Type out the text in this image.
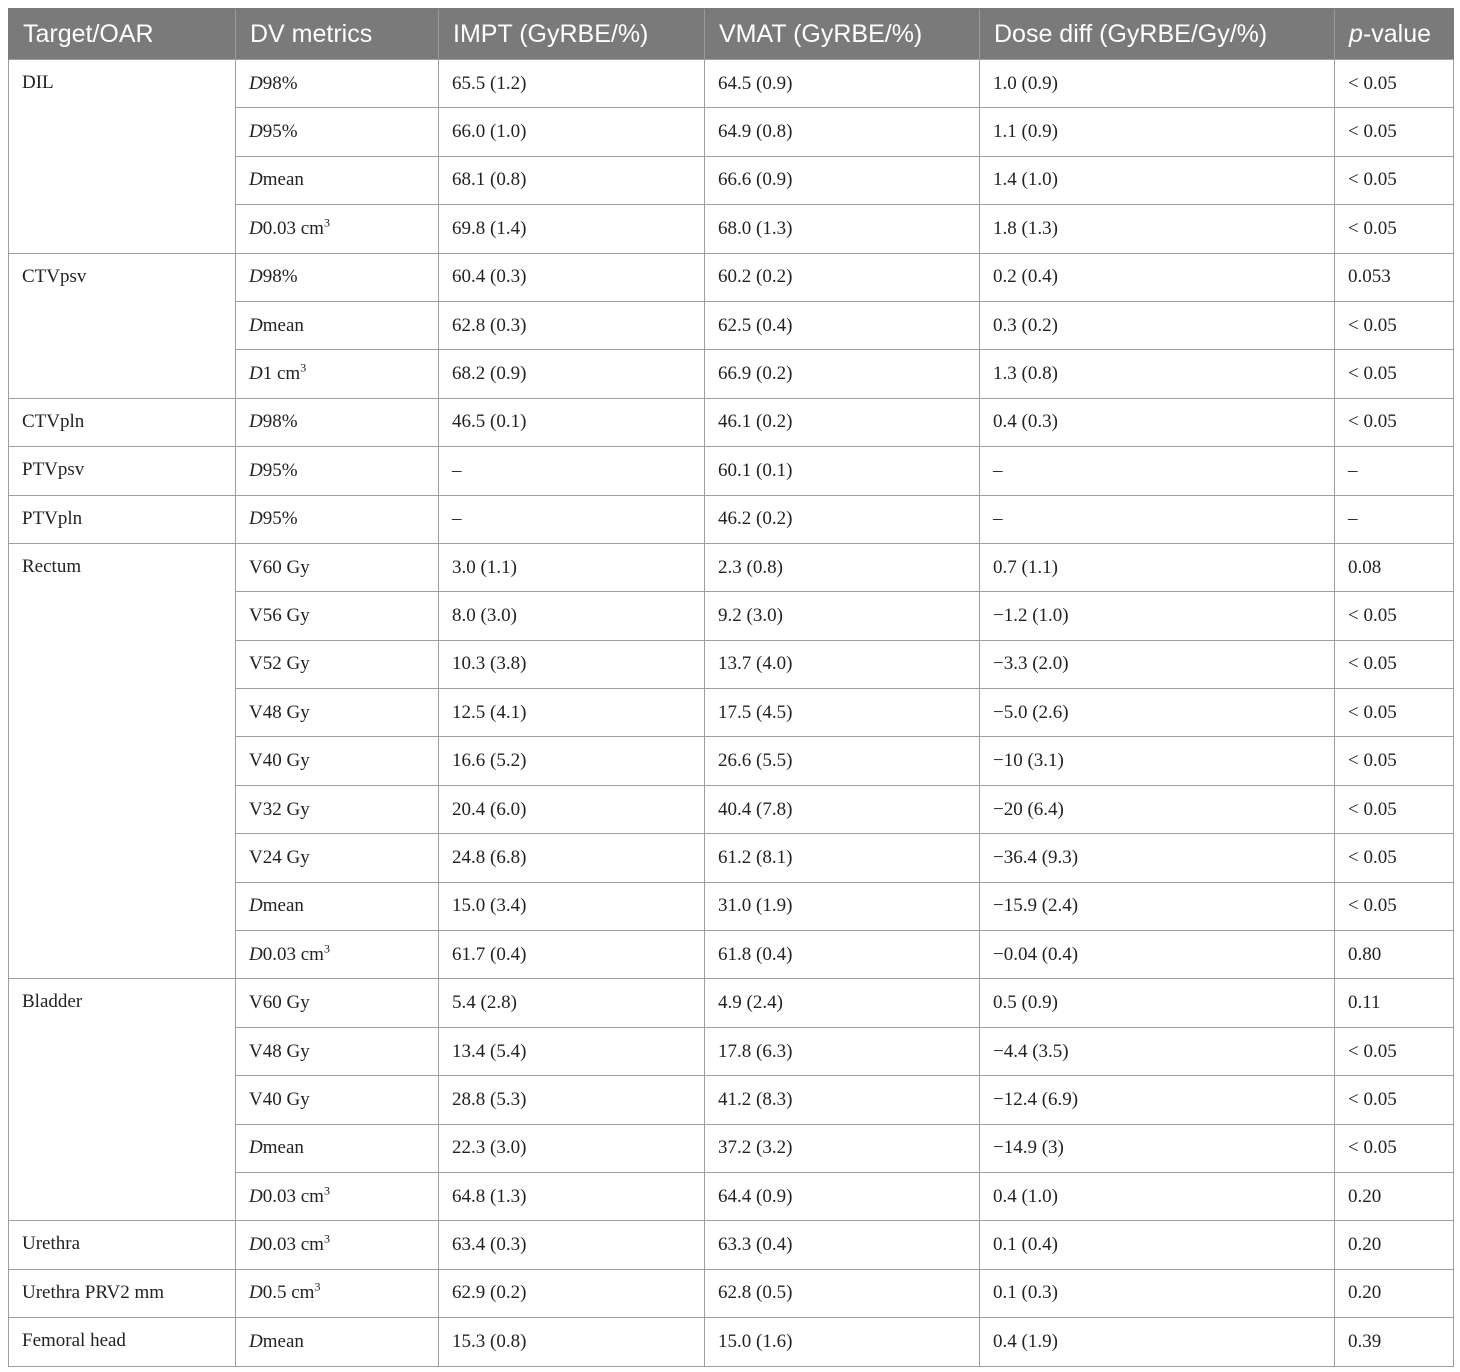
Target/OAR	DV metrics	IMPT (GyRBE/%)	VMAT (GyRBE/%)	Dose diff (GyRBE/Gy/%)	p-value
DIL	D98%	65.5 (1.2)	64.5 (0.9)	1.0 (0.9)	< 0.05
	D95%	66.0 (1.0)	64.9 (0.8)	1.1 (0.9)	< 0.05
	Dmean	68.1 (0.8)	66.6 (0.9)	1.4 (1.0)	< 0.05
	D0.03 $cm^3$	69.8 (1.4)	68.0 (1.3)	1.8 (1.3)	< 0.05
CTVpsv	D98%	60.4 (0.3)	60.2 (0.2)	0.2 (0.4)	0.053
	Dmean	62.8 (0.3)	62.5 (0.4)	0.3 (0.2)	< 0.05
	D1 $cm^3$	68.2 (0.9)	66.9 (0.2)	1.3 (0.8)	< 0.05
CTVpln	D98%	46.5 (0.1)	46.1 (0.2)	0.4 (0.3)	< 0.05
PTVpsv	D95%	–	60.1 (0.1)	–	–
PTVpln	D95%	–	46.2 (0.2)	–	–
Rectum	V60 Gy	3.0 (1.1)	2.3 (0.8)	0.7 (1.1)	0.08
	V56 Gy	8.0 (3.0)	9.2 (3.0)	−1.2 (1.0)	< 0.05
	V52 Gy	10.3 (3.8)	13.7 (4.0)	−3.3 (2.0)	< 0.05
	V48 Gy	12.5 (4.1)	17.5 (4.5)	−5.0 (2.6)	< 0.05
	V40 Gy	16.6 (5.2)	26.6 (5.5)	−10 (3.1)	< 0.05
	V32 Gy	20.4 (6.0)	40.4 (7.8)	−20 (6.4)	< 0.05
	V24 Gy	24.8 (6.8)	61.2 (8.1)	−36.4 (9.3)	< 0.05
	Dmean	15.0 (3.4)	31.0 (1.9)	−15.9 (2.4)	< 0.05
	D0.03 $cm^3$	61.7 (0.4)	61.8 (0.4)	−0.04 (0.4)	0.80
Bladder	V60 Gy	5.4 (2.8)	4.9 (2.4)	0.5 (0.9)	0.11
	V48 Gy	13.4 (5.4)	17.8 (6.3)	−4.4 (3.5)	< 0.05
	V40 Gy	28.8 (5.3)	41.2 (8.3)	−12.4 (6.9)	< 0.05
	Dmean	22.3 (3.0)	37.2 (3.2)	−14.9 (3)	< 0.05
	D0.03 $cm^3$	64.8 (1.3)	64.4 (0.9)	0.4 (1.0)	0.20
Urethra	D0.03 $cm^3$	63.4 (0.3)	63.3 (0.4)	0.1 (0.4)	0.20
Urethra PRV2 mm	D0.5 $cm^3$	62.9 (0.2)	62.8 (0.5)	0.1 (0.3)	0.20
Femoral head	Dmean	15.3 (0.8)	15.0 (1.6)	0.4 (1.9)	0.39
